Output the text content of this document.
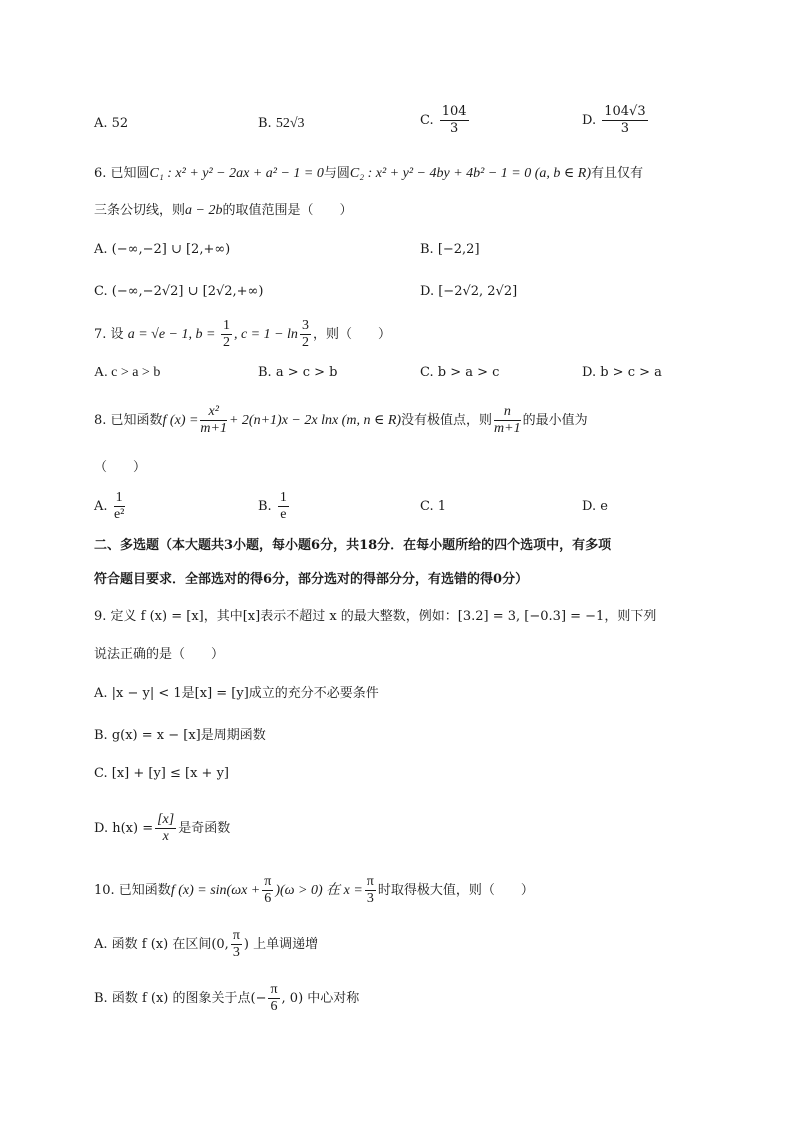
A. 52	B. 52√3	C. $\frac{104}{3}$	D. $\frac{104√3}{3}$
6. 已知圆C₁ : x² + y² − 2ax + a² − 1 = 0与圆C₂ : x² + y² − 4by + 4b² − 1 = 0 (a, b ∈ R)有且仅有
三条公切线，则a − 2b的取值范围是（　　）
A. (−∞,−2] ∪ [2,+∞)	B. [−2,2]
C. (−∞,−2√2] ∪ [2√2,+∞)	D. [−2√2, 2√2]
7. 设 a = √e − 1, $b = \frac{1}{2}$ , $c = 1 - \ln \frac{3}{2}$ ，则（　　）
A. c > a > b	B. a > c > b	C. b > a > c	D. b > c > a
8. 已知函数f $(x) = \frac{\text{x²}}{m+1} + 2(n+1)x - 2x$ lnx (m, n ∈ R)没有极值点，则 $\frac{n}{m+1}$ 的最小值为
（　　）
A. $\frac{1}{\text{e²}}$	B. $\frac{1}{e}$	C. 1	D. e
二、多选题（本大题共3小题，每小题6分，共18分．在每小题所给的四个选项中，有多项
符合题目要求．全部选对的得6分，部分选对的得部分分，有选错的得0分）
9. 定义 f (x) = [x]，其中[x]表示不超过 x 的最大整数，例如：[3.2] = 3, [−0.3] = −1，则下列
说法正确的是（　　）
A. |x − y| < 1是[x] = [y]成立的充分不必要条件
B. g(x) = x − [x]是周期函数
C. [x] + [y] ≤ [x + y]
D. $h(x) = \frac{[x]}{x}$ 是奇函数
10. 已知函数f $(x) = \sin(\omega x + \frac{\pi}{6} )(\omega > 0)$ 在 $x = \frac{\pi}{3}$ 时取得极大值，则（　　）
A. 函数 f (x) 在区间(0, $\frac{\pi}{3}$ ) 上单调递增
B. 函数 f (x) 的图象关于点(− $\frac{\pi}{6}$ , 0) 中心对称
